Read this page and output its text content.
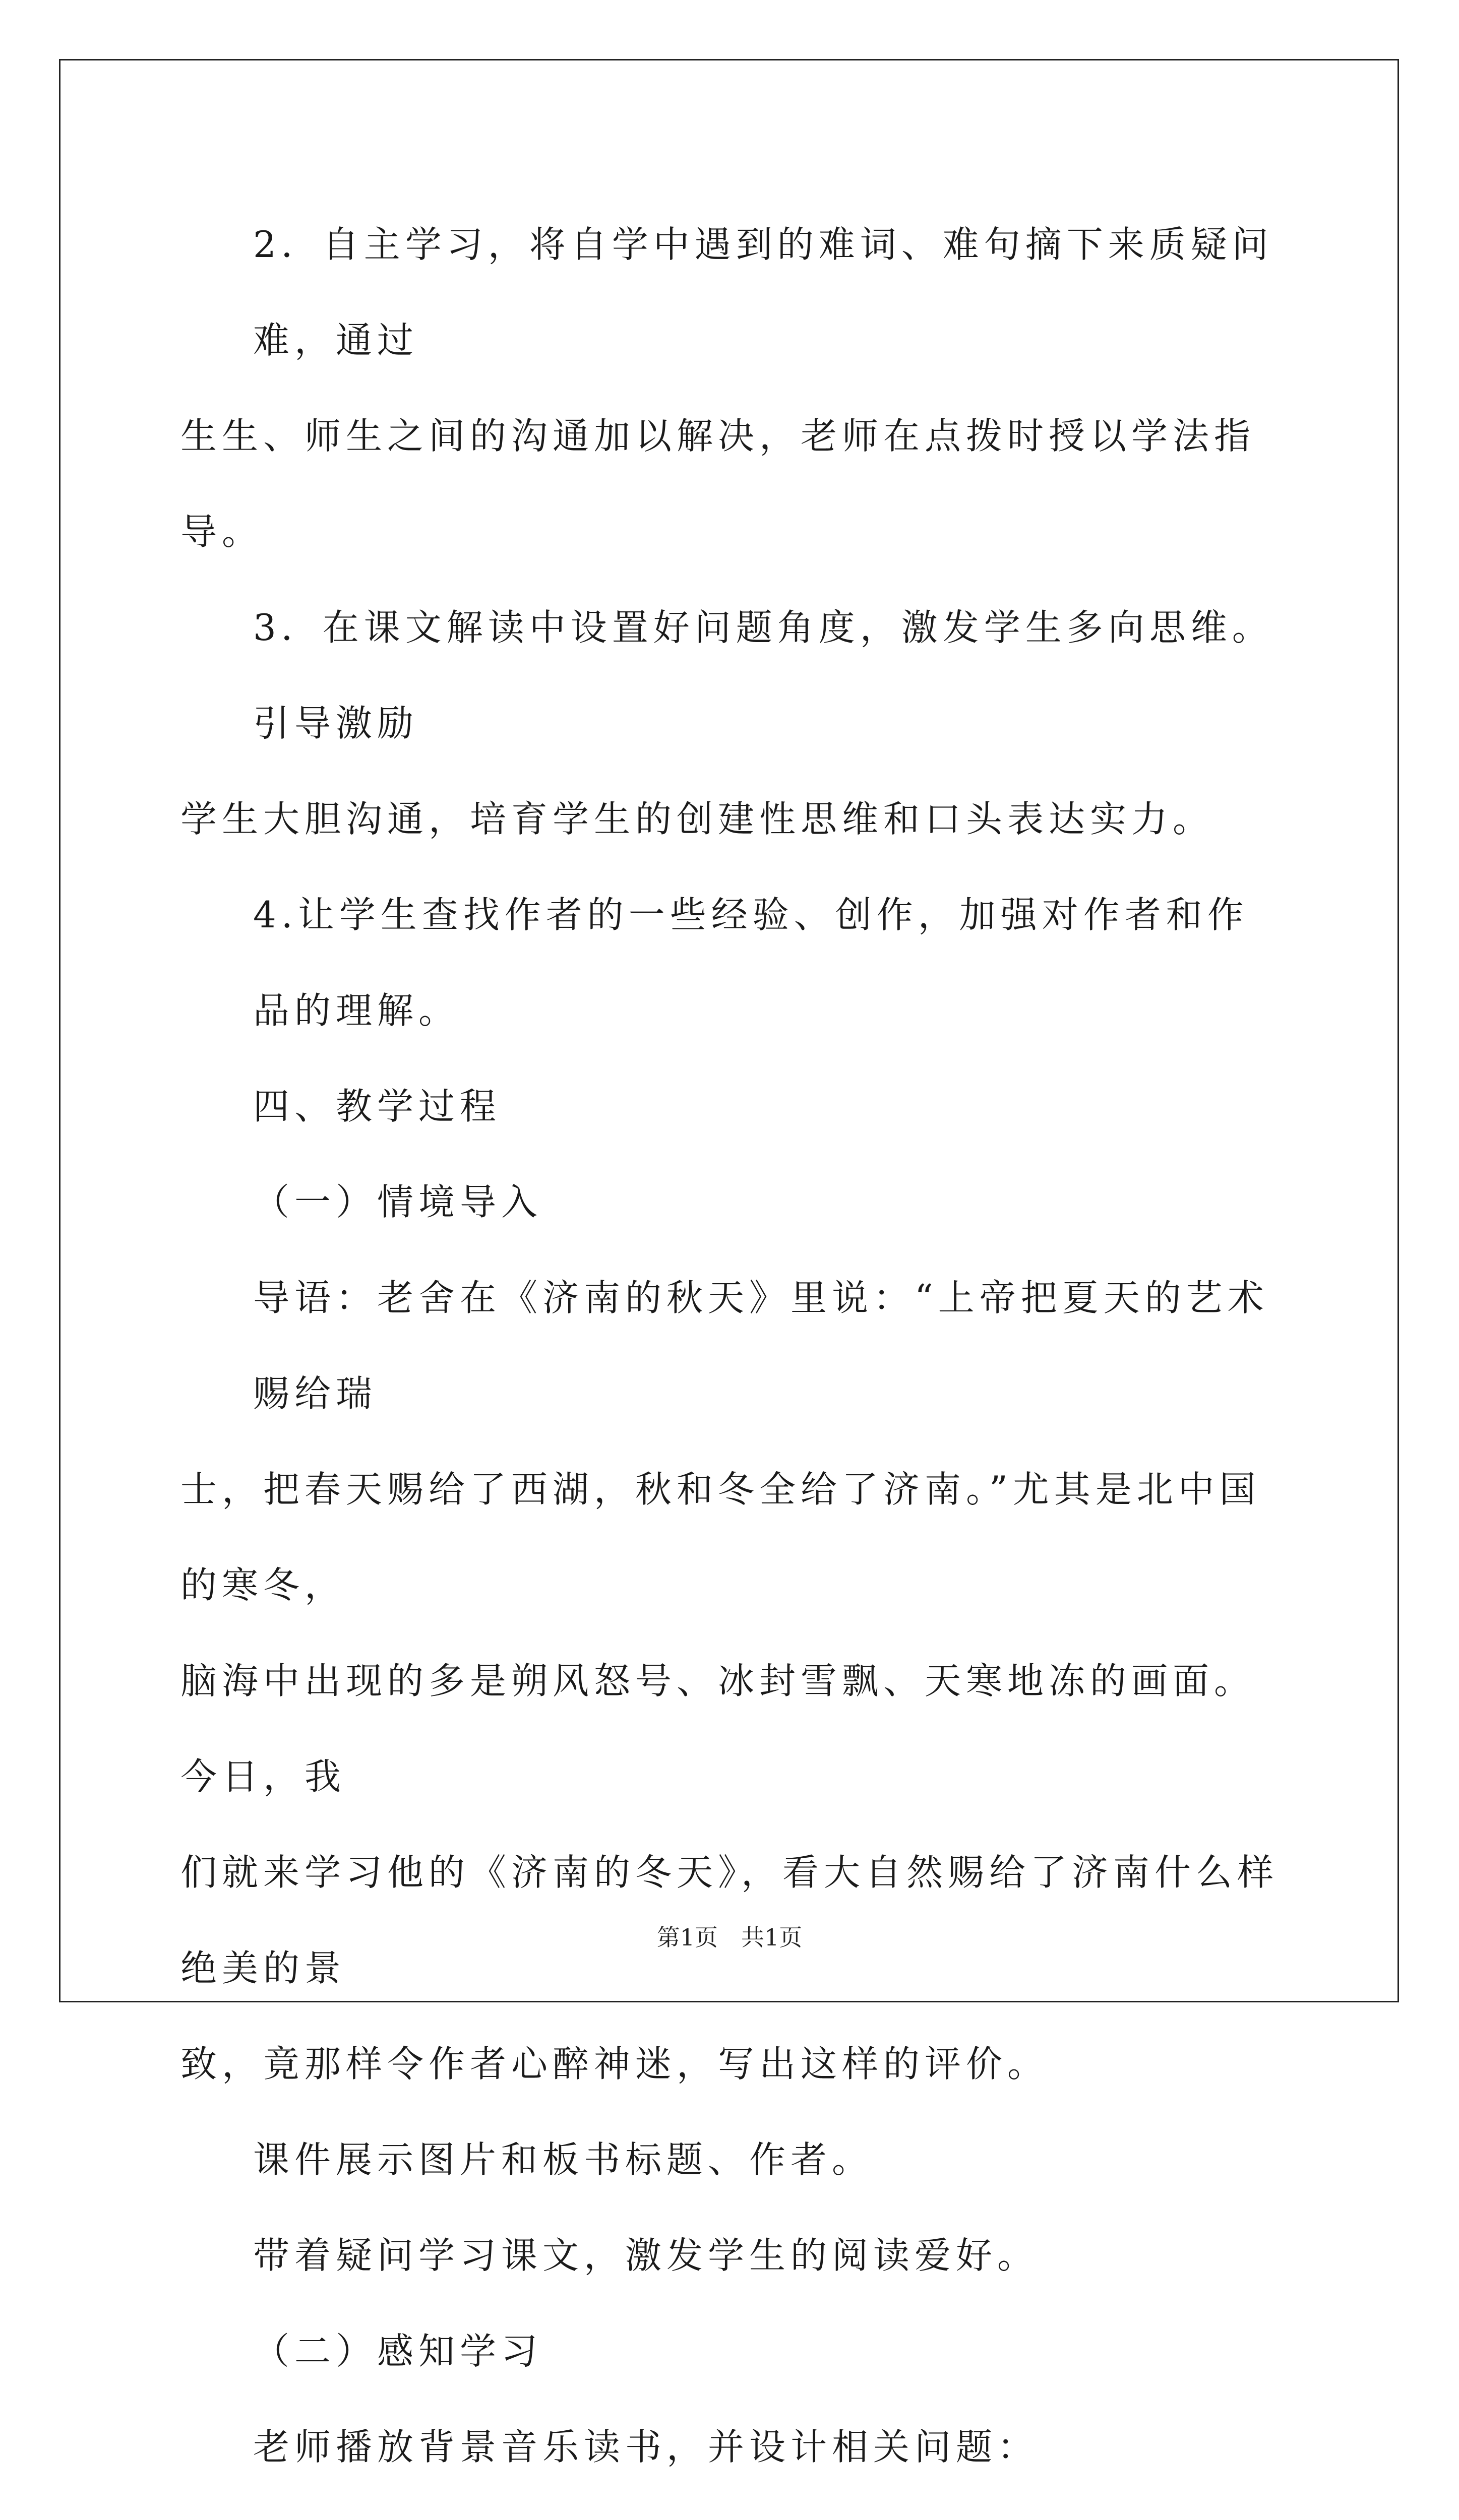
2．自主学习，将自学中遇到的难词、难句摘下来质疑问难，通过

生生、师生之间的沟通加以解决，老师在点拨时授以学法指导。

3．在课文解读中设置好问题角度，激发学生多向思维。引导激励

学生大胆沟通，培育学生的创建性思维和口头表达实力。

4.让学生查找作者的一些经验、创作，加强对作者和作品的理解。

四、教学过程

（一）情境导入

导语：老舍在《济南的秋天》里说：“上帝把夏天的艺术赐给瑞

士，把春天赐给了西湖，秋和冬全给了济南。”尤其是北中国的寒冬，

脑海中出现的多是朔风怒号、冰封雪飘、天寒地冻的画面。今日，我

们就来学习他的《济南的冬天》，看大自然赐给了济南什么样绝美的景

致，竟那样令作者心醉神迷，写出这样的评价。

课件展示图片和板书标题、作者。

带着疑问学习课文，激发学生的阅读爱好。

（二）感知学习

老师播放背景音乐读书，并设计相关问题：

第1页　共1页
